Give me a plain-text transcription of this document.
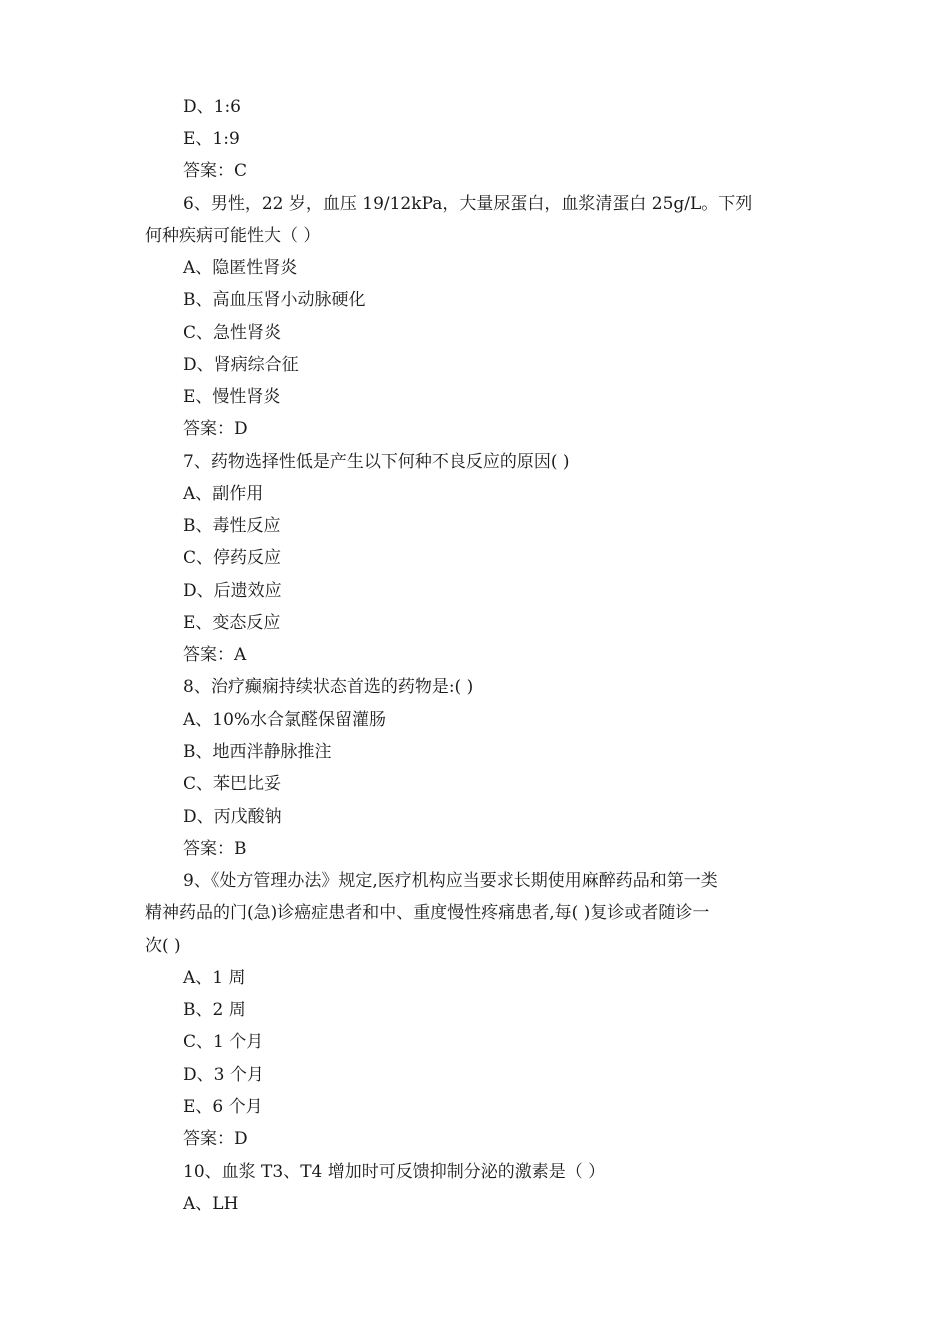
D、1:6
E、1:9
答案：C
6、男性，22 岁，血压 19/12kPa，大量尿蛋白，血浆清蛋白 25g/L。下列
何种疾病可能性大（ ）
A、隐匿性肾炎
B、高血压肾小动脉硬化
C、急性肾炎
D、肾病综合征
E、慢性肾炎
答案：D
7、药物选择性低是产生以下何种不良反应的原因( )
A、副作用
B、毒性反应
C、停药反应
D、后遗效应
E、变态反应
答案：A
8、治疗癫痫持续状态首选的药物是:( )
A、10%水合氯醛保留灌肠
B、地西泮静脉推注
C、苯巴比妥
D、丙戊酸钠
答案：B
9、《处方管理办法》规定,医疗机构应当要求长期使用麻醉药品和第一类
精神药品的门(急)诊癌症患者和中、重度慢性疼痛患者,每( )复诊或者随诊一
次( )
A、1 周
B、2 周
C、1 个月
D、3 个月
E、6 个月
答案：D
10、血浆 T3、T4 增加时可反馈抑制分泌的激素是（ ）
A、LH
